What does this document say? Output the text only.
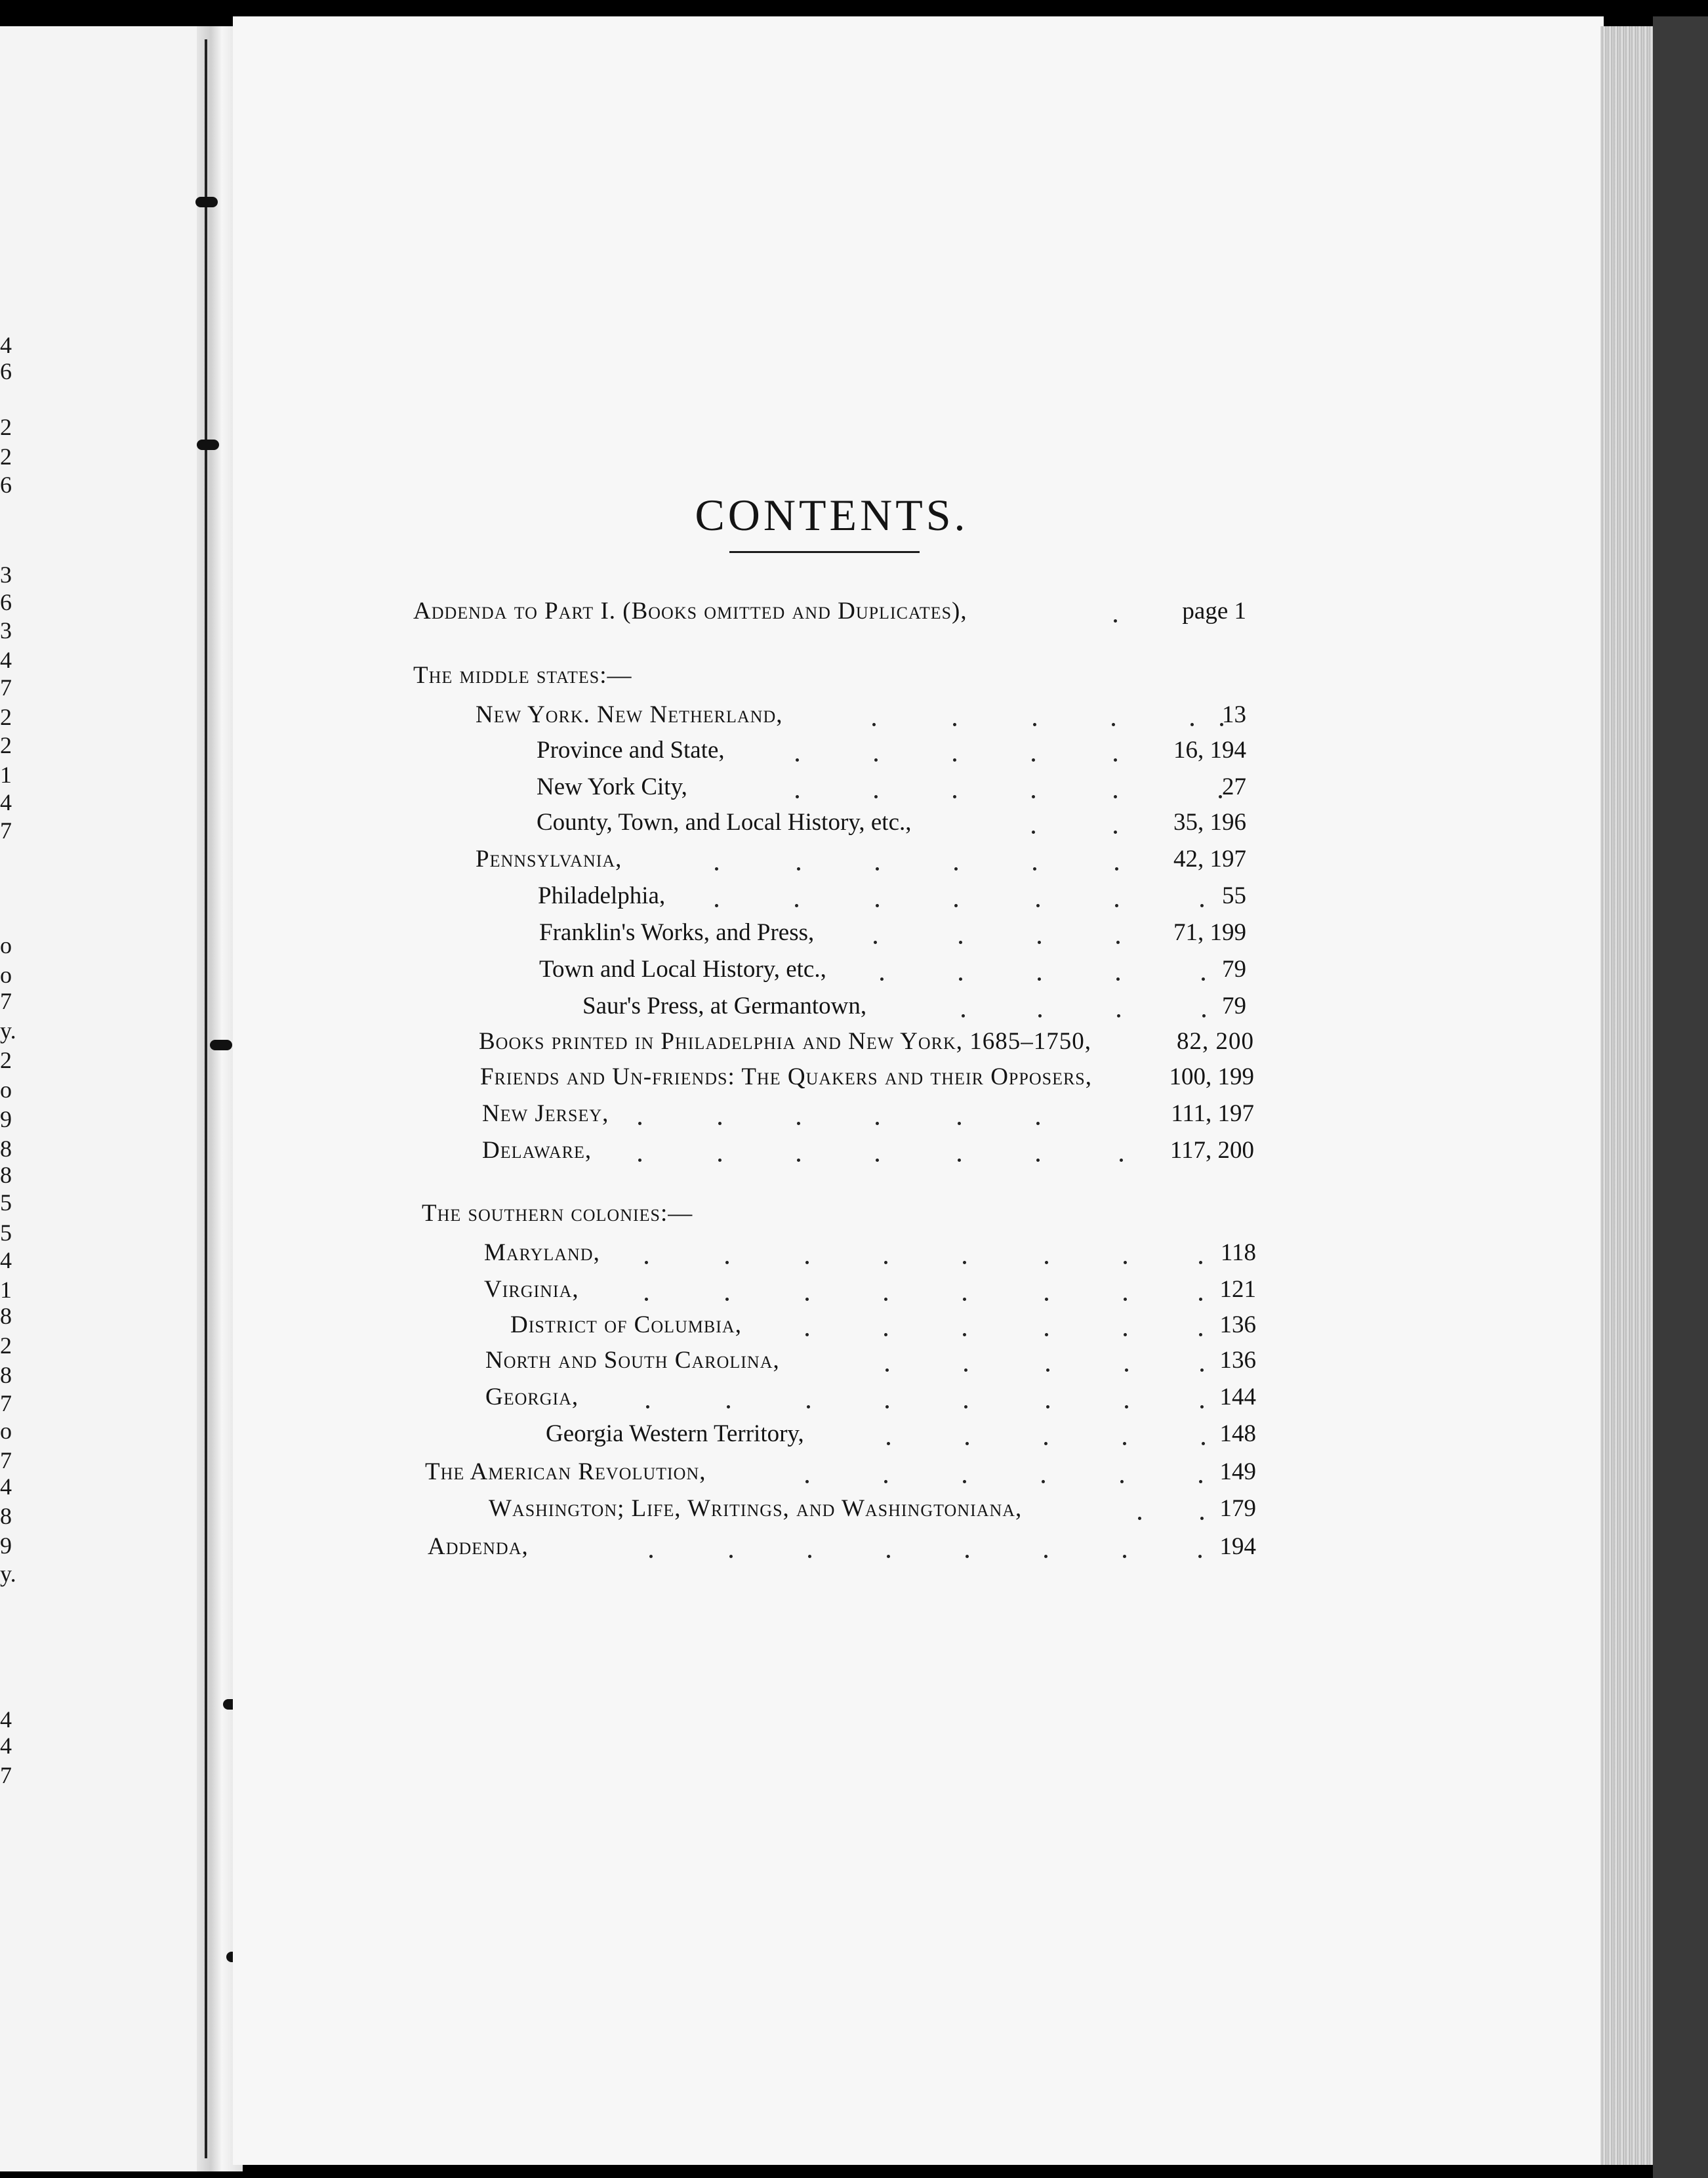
4
6
2
2
6
3
6
3
4
7
2
2
1
4
7
o
o
7
y.
2
o
9
8
8
5
5
4
1
8
2
8
7
o
7
4
8
9
y.
4
4
7
CONTENTS.
Addenda to Part I. (Books omitted and Duplicates),	page 1
The middle states:—
New York. New Netherland,	13
Province and State,	16, 194
New York City,	27
County, Town, and Local History, etc.,	35, 196
Pennsylvania,	42, 197
Philadelphia,	55
Franklin's Works, and Press,	71, 199
Town and Local History, etc.,	79
Saur's Press, at Germantown,	79
Books printed in Philadelphia and New York, 1685–1750,	82, 200
Friends and Un-friends: The Quakers and their Opposers,	100, 199
New Jersey,	111, 197
Delaware,	117, 200
The southern colonies:—
Maryland,	118
Virginia,	121
District of Columbia,	136
North and South Carolina,	136
Georgia,	144
Georgia Western Territory,	148
The American Revolution,	149
Washington; Life, Writings, and Washingtoniana,	179
Addenda,	194
